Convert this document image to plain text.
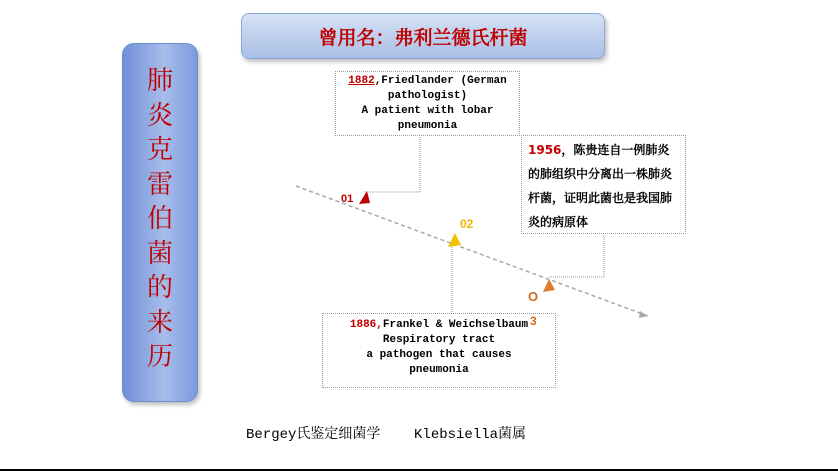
曾用名：弗利兰德氏杆菌
肺炎克雷伯菌的来历
1882,Friedlander (German
pathologist)
A patient with lobar
pneumonia
1956，陈贵连自一例肺炎的肺组织中分离出一株肺炎杆菌，证明此菌也是我国肺炎的病原体
1886,Frankel & Weichselbaum
Respiratory tract
a pathogen that causes
pneumonia
01
02
O
3
Bergey氏鉴定细菌学    Klebsiella菌属
